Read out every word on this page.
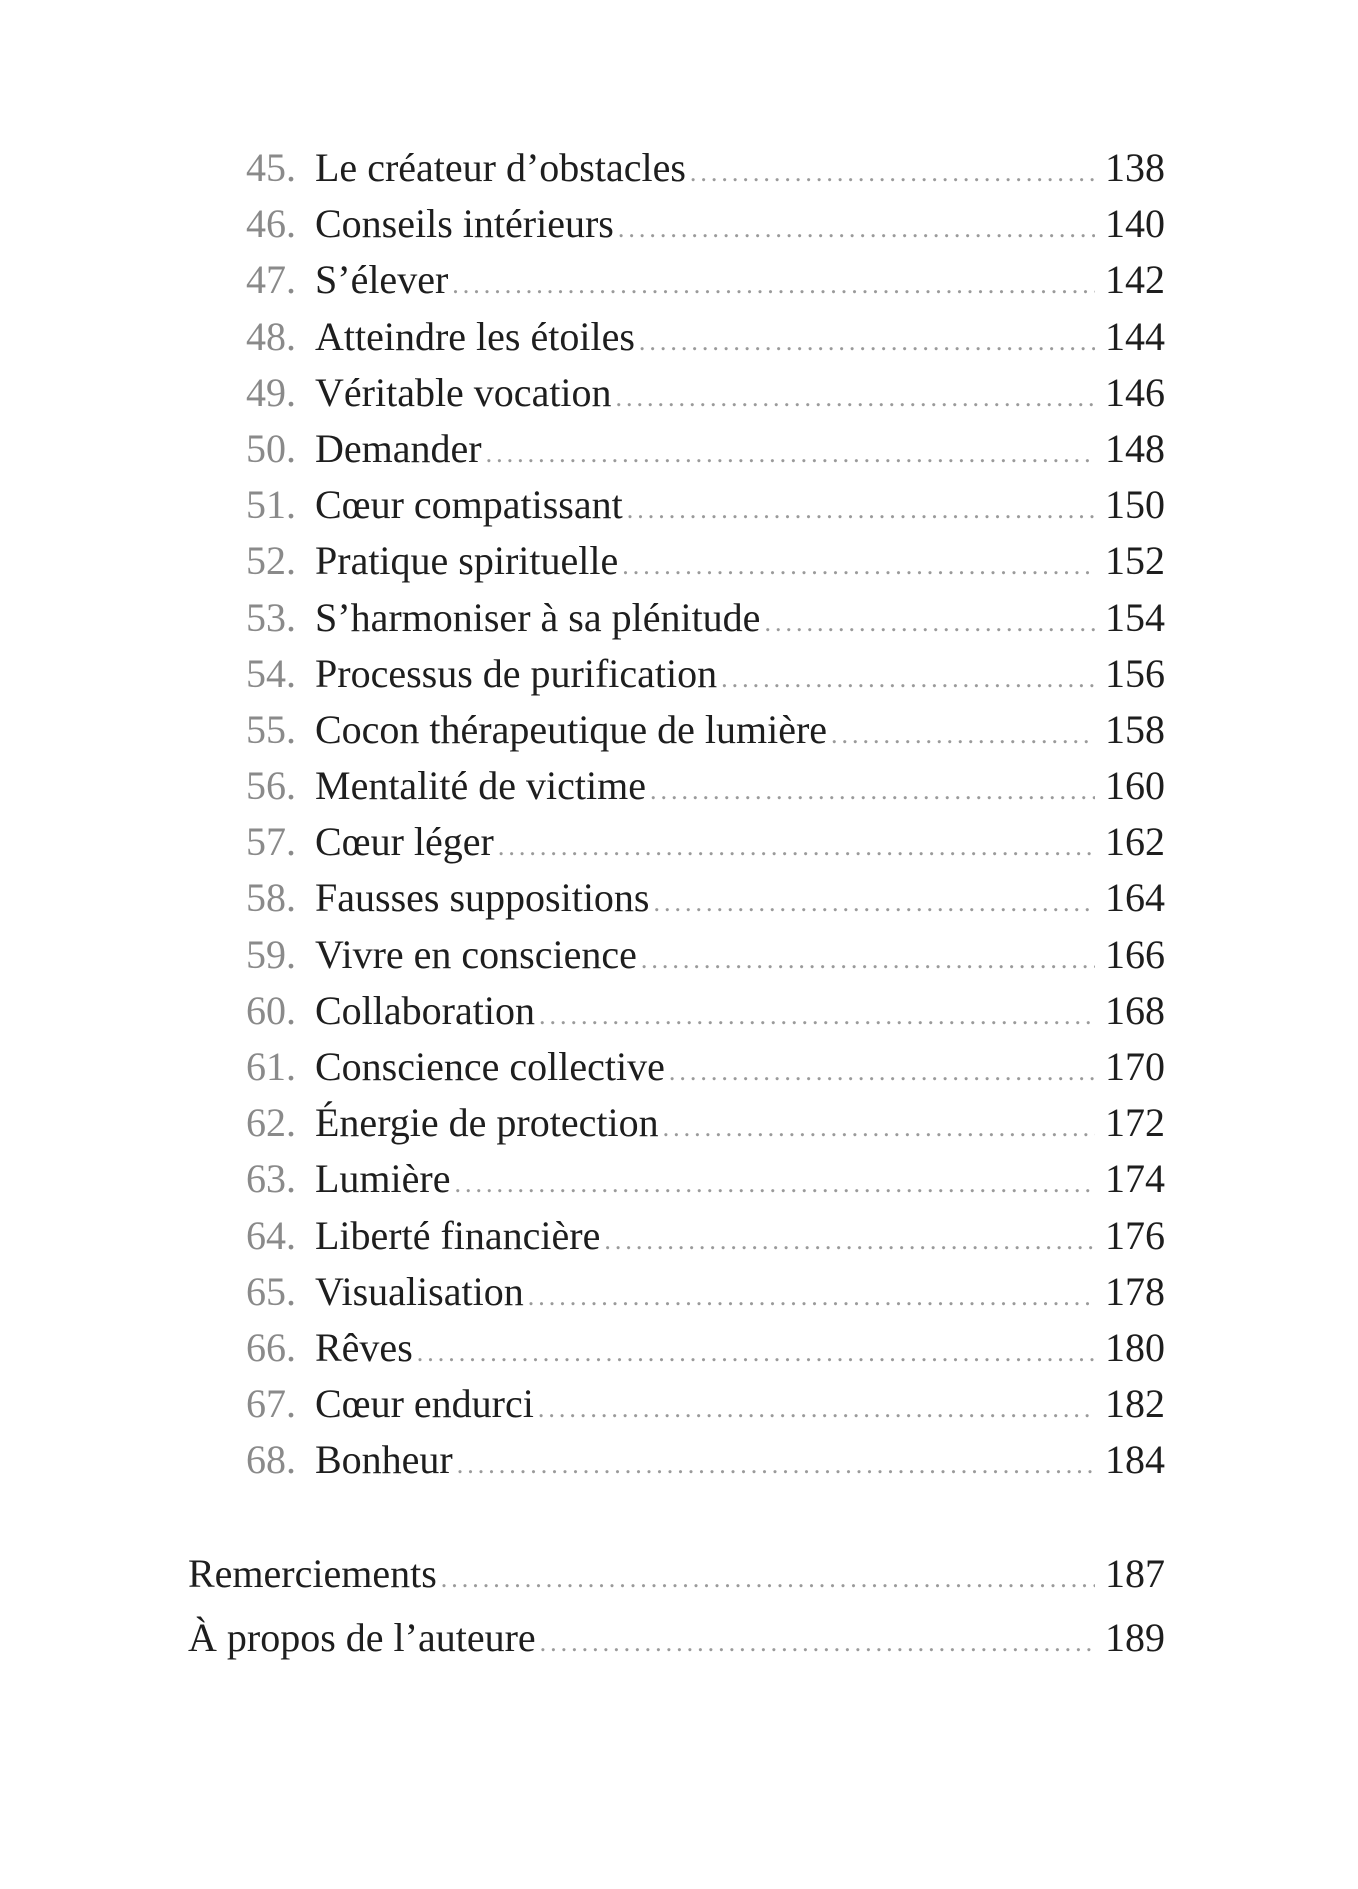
45. Le créateur d’obstacles .....	138
46. Conseils intérieurs .....	140
47. S’élever .....	142
48. Atteindre les étoiles .....	144
49. Véritable vocation .....	146
50. Demander .....	148
51. Cœur compatissant .....	150
52. Pratique spirituelle .....	152
53. S’harmoniser à sa plénitude .....	154
54. Processus de purification .....	156
55. Cocon thérapeutique de lumière .....	158
56. Mentalité de victime .....	160
57. Cœur léger .....	162
58. Fausses suppositions .....	164
59. Vivre en conscience .....	166
60. Collaboration .....	168
61. Conscience collective .....	170
62. Énergie de protection .....	172
63. Lumière .....	174
64. Liberté financière .....	176
65. Visualisation .....	178
66. Rêves .....	180
67. Cœur endurci .....	182
68. Bonheur .....	184
Remerciements .....	187
À propos de l’auteure .....	189
